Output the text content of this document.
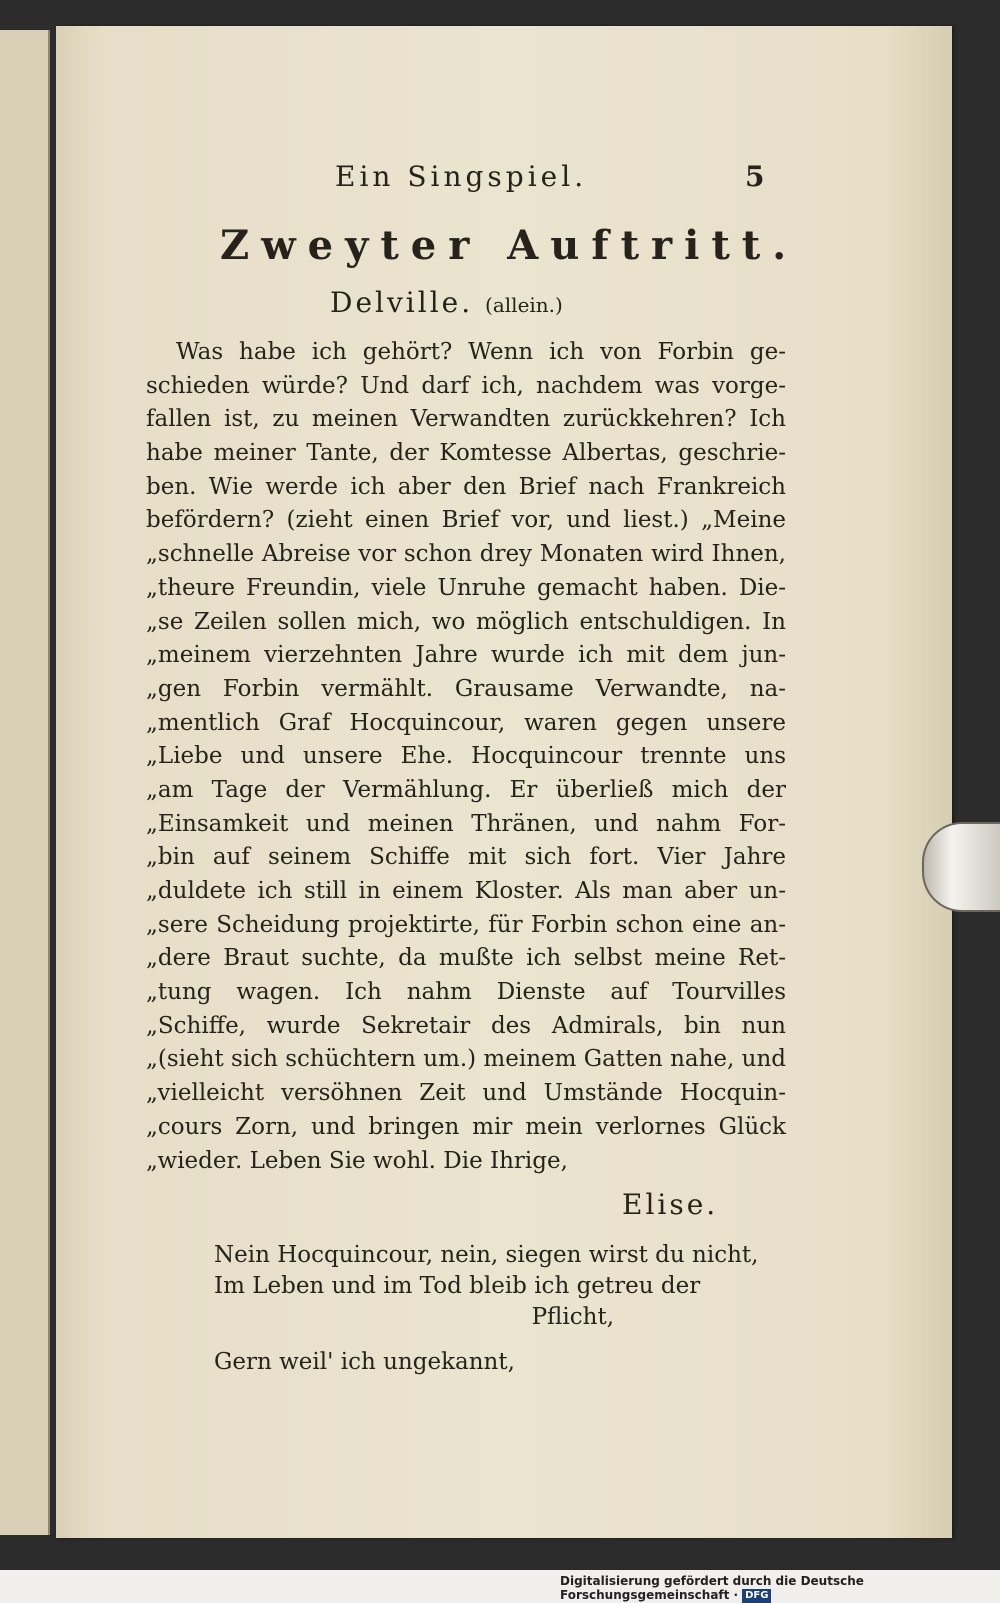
Ein Singspiel.	5
Zweyter Auftritt.
Delville. (allein.)
Was habe ich gehört? Wenn ich von Forbin ge-
schieden würde? Und darf ich, nachdem was vorge-
fallen ist, zu meinen Verwandten zurückkehren? Ich
habe meiner Tante, der Komtesse Albertas, geschrie-
ben. Wie werde ich aber den Brief nach Frankreich
befördern? (zieht einen Brief vor, und liest.) „Meine
„schnelle Abreise vor schon drey Monaten wird Ihnen,
„theure Freundin, viele Unruhe gemacht haben. Die-
„se Zeilen sollen mich, wo möglich entschuldigen. In
„meinem vierzehnten Jahre wurde ich mit dem jun-
„gen Forbin vermählt. Grausame Verwandte, na-
„mentlich Graf Hocquincour, waren gegen unsere
„Liebe und unsere Ehe. Hocquincour trennte uns
„am Tage der Vermählung. Er überließ mich der
„Einsamkeit und meinen Thränen, und nahm For-
„bin auf seinem Schiffe mit sich fort. Vier Jahre
„duldete ich still in einem Kloster. Als man aber un-
„sere Scheidung projektirte, für Forbin schon eine an-
„dere Braut suchte, da mußte ich selbst meine Ret-
„tung wagen. Ich nahm Dienste auf Tourvilles
„Schiffe, wurde Sekretair des Admirals, bin nun
„(sieht sich schüchtern um.) meinem Gatten nahe, und
„vielleicht versöhnen Zeit und Umstände Hocquin-
„cours Zorn, und bringen mir mein verlornes Glück
„wieder. Leben Sie wohl. Die Ihrige,
Elise.
Nein Hocquincour, nein, siegen wirst du nicht,
Im Leben und im Tod bleib ich getreu der
Pflicht,
Gern weil' ich ungekannt,
Digitalisierung gefördert durch die Deutsche Forschungsgemeinschaft · DFG
